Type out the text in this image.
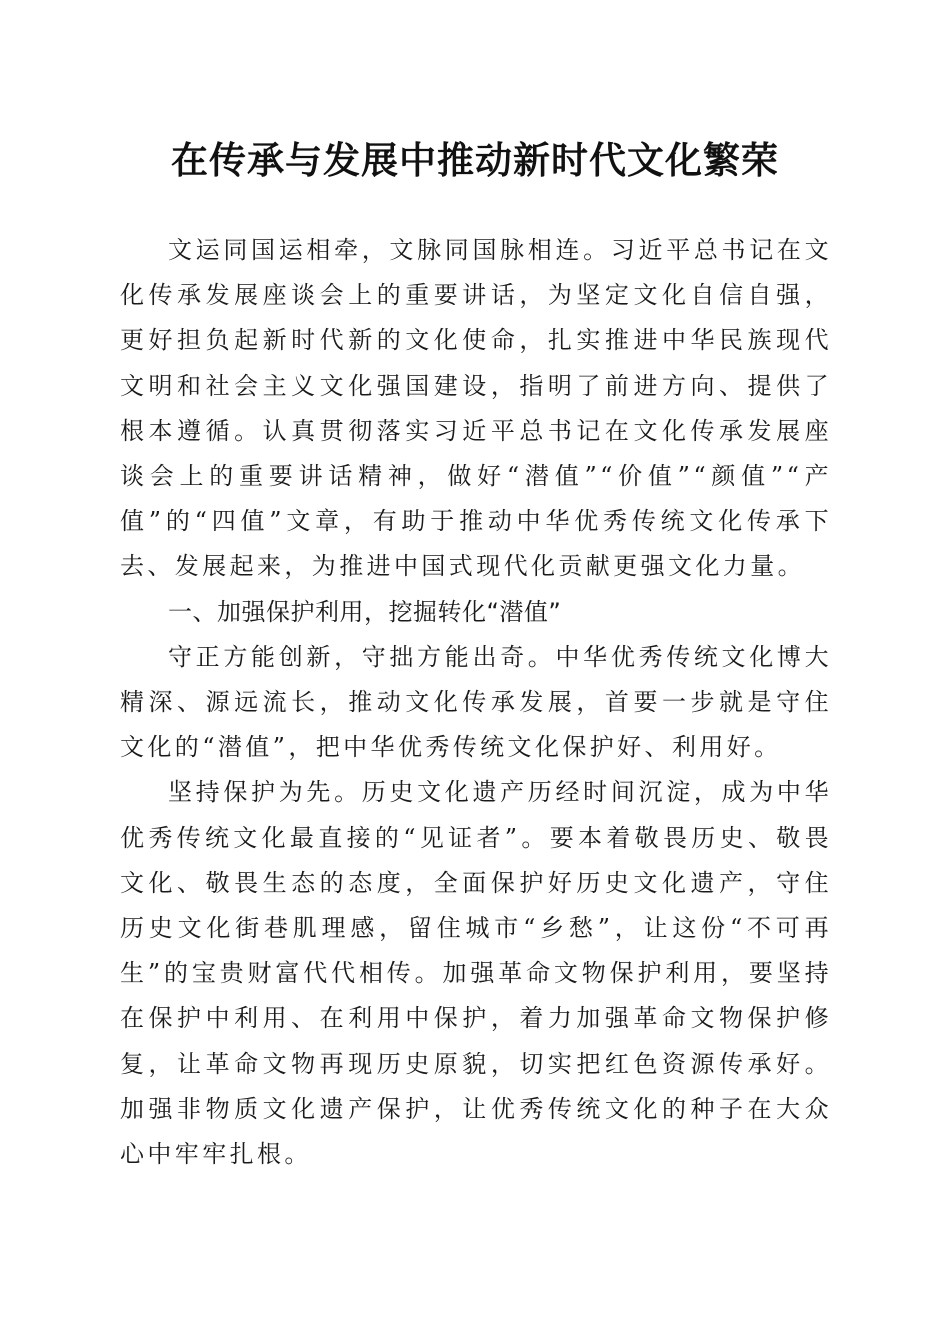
在传承与发展中推动新时代文化繁荣

文运同国运相牵，文脉同国脉相连。习近平总书记在文化传承发展座谈会上的重要讲话，为坚定文化自信自强，更好担负起新时代新的文化使命，扎实推进中华民族现代文明和社会主义文化强国建设，指明了前进方向、提供了根本遵循。认真贯彻落实习近平总书记在文化传承发展座谈会上的重要讲话精神，做好“潜值”“价值”“颜值”“产值”的“四值”文章，有助于推动中华优秀传统文化传承下去、发展起来，为推进中国式现代化贡献更强文化力量。

一、加强保护利用，挖掘转化“潜值”

守正方能创新，守拙方能出奇。中华优秀传统文化博大精深、源远流长，推动文化传承发展，首要一步就是守住文化的“潜值”，把中华优秀传统文化保护好、利用好。

坚持保护为先。历史文化遗产历经时间沉淀，成为中华优秀传统文化最直接的“见证者”。要本着敬畏历史、敬畏文化、敬畏生态的态度，全面保护好历史文化遗产，守住历史文化街巷肌理感，留住城市“乡愁”，让这份“不可再生”的宝贵财富代代相传。加强革命文物保护利用，要坚持在保护中利用、在利用中保护，着力加强革命文物保护修复，让革命文物再现历史原貌，切实把红色资源传承好。加强非物质文化遗产保护，让优秀传统文化的种子在大众心中牢牢扎根。
